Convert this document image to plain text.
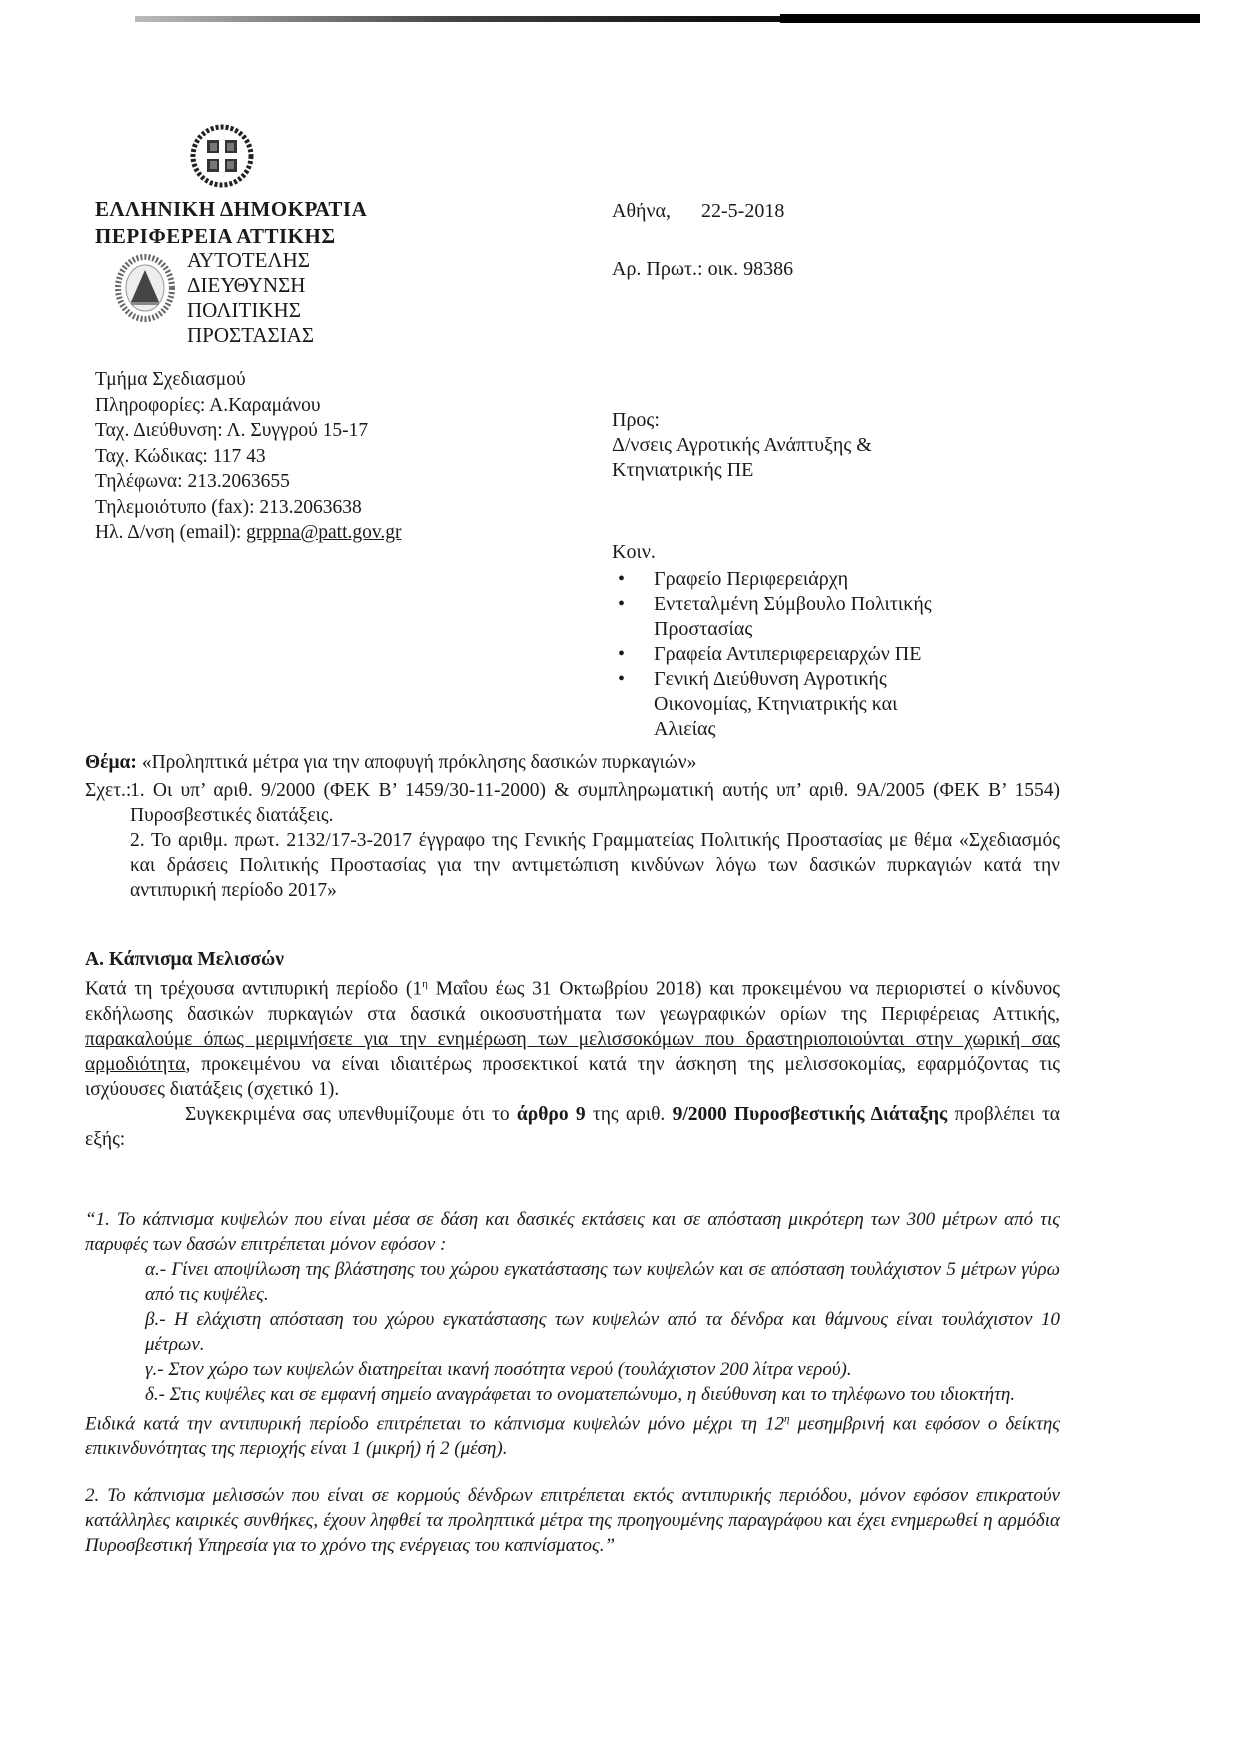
ΕΛΛΗΝΙΚΗ ΔΗΜΟΚΡΑΤΙΑ
ΠΕΡΙΦΕΡΕΙΑ ΑΤΤΙΚΗΣ
ΑΥΤΟΤΕΛΗΣ
ΔΙΕΥΘΥΝΣΗ
ΠΟΛΙΤΙΚΗΣ
ΠΡΟΣΤΑΣΙΑΣ
Τμήμα Σχεδιασμού
Πληροφορίες: Α.Καραμάνου
Ταχ. Διεύθυνση: Λ. Συγγρού 15-17
Ταχ. Κώδικας: 117 43
Τηλέφωνα: 213.2063655
Τηλεμοιότυπο (fax): 213.2063638
Ηλ. Δ/νση (email): grppna@patt.gov.gr
Αθήνα, 22-5-2018
Αρ. Πρωτ.: οικ. 98386
Προς:
Δ/νσεις Αγροτικής Ανάπτυξης &
Κτηνιατρικής ΠΕ
Κοιν.
• Γραφείο Περιφερειάρχη
• Εντεταλμένη Σύμβουλο Πολιτικής Προστασίας
• Γραφεία Αντιπεριφερειαρχών ΠΕ
• Γενική Διεύθυνση Αγροτικής Οικονομίας, Κτηνιατρικής και Αλιείας
Θέμα: «Προληπτικά μέτρα για την αποφυγή πρόκλησης δασικών πυρκαγιών»
Σχετ.:1. Οι υπ’ αριθ. 9/2000 (ΦΕΚ Β’ 1459/30-11-2000) & συμπληρωματική αυτής υπ’ αριθ. 9Α/2005 (ΦΕΚ Β’ 1554) Πυροσβεστικές διατάξεις.
2. Το αριθμ. πρωτ. 2132/17-3-2017 έγγραφο της Γενικής Γραμματείας Πολιτικής Προστασίας με θέμα «Σχεδιασμός και δράσεις Πολιτικής Προστασίας για την αντιμετώπιση κινδύνων λόγω των δασικών πυρκαγιών κατά την αντιπυρική περίοδο 2017»
Α. Κάπνισμα Μελισσών

Κατά τη τρέχουσα αντιπυρική περίοδο ($1^\eta$ Μαΐου έως 31 Οκτωβρίου 2018) και προκειμένου να περιοριστεί ο κίνδυνος εκδήλωσης δασικών πυρκαγιών στα δασικά οικοσυστήματα των γεωγραφικών ορίων της Περιφέρειας Αττικής, παρακαλούμε όπως μεριμνήσετε για την ενημέρωση των μελισσοκόμων που δραστηριοποιούνται στην χωρική σας αρμοδιότητα, προκειμένου να είναι ιδιαιτέρως προσεκτικοί κατά την άσκηση της μελισσοκομίας, εφαρμόζοντας τις ισχύουσες διατάξεις (σχετικό 1).

Συγκεκριμένα σας υπενθυμίζουμε ότι το άρθρο 9 της αριθ. 9/2000 Πυροσβεστικής Διάταξης προβλέπει τα εξής:

“1. Το κάπνισμα κυψελών που είναι μέσα σε δάση και δασικές εκτάσεις και σε απόσταση μικρότερη των 300 μέτρων από τις παρυφές των δασών επιτρέπεται μόνον εφόσον :

α.- Γίνει αποψίλωση της βλάστησης του χώρου εγκατάστασης των κυψελών και σε απόσταση τουλάχιστον 5 μέτρων γύρω από τις κυψέλες.

β.- Η ελάχιστη απόσταση του χώρου εγκατάστασης των κυψελών από τα δένδρα και θάμνους είναι τουλάχιστον 10 μέτρων.

γ.- Στον χώρο των κυψελών διατηρείται ικανή ποσότητα νερού (τουλάχιστον 200 λίτρα νερού).

δ.- Στις κυψέλες και σε εμφανή σημείο αναγράφεται το ονοματεπώνυμο, η διεύθυνση και το τηλέφωνο του ιδιοκτήτη.

Ειδικά κατά την αντιπυρική περίοδο επιτρέπεται το κάπνισμα κυψελών μόνο μέχρι τη $12^\eta$ μεσημβρινή και εφόσον ο δείκτης επικινδυνότητας της περιοχής είναι 1 (μικρή) ή 2 (μέση).

2. Το κάπνισμα μελισσών που είναι σε κορμούς δένδρων επιτρέπεται εκτός αντιπυρικής περιόδου, μόνον εφόσον επικρατούν κατάλληλες καιρικές συνθήκες, έχουν ληφθεί τα προληπτικά μέτρα της προηγουμένης παραγράφου και έχει ενημερωθεί η αρμόδια Πυροσβεστική Υπηρεσία για το χρόνο της ενέργειας του καπνίσματος.”
